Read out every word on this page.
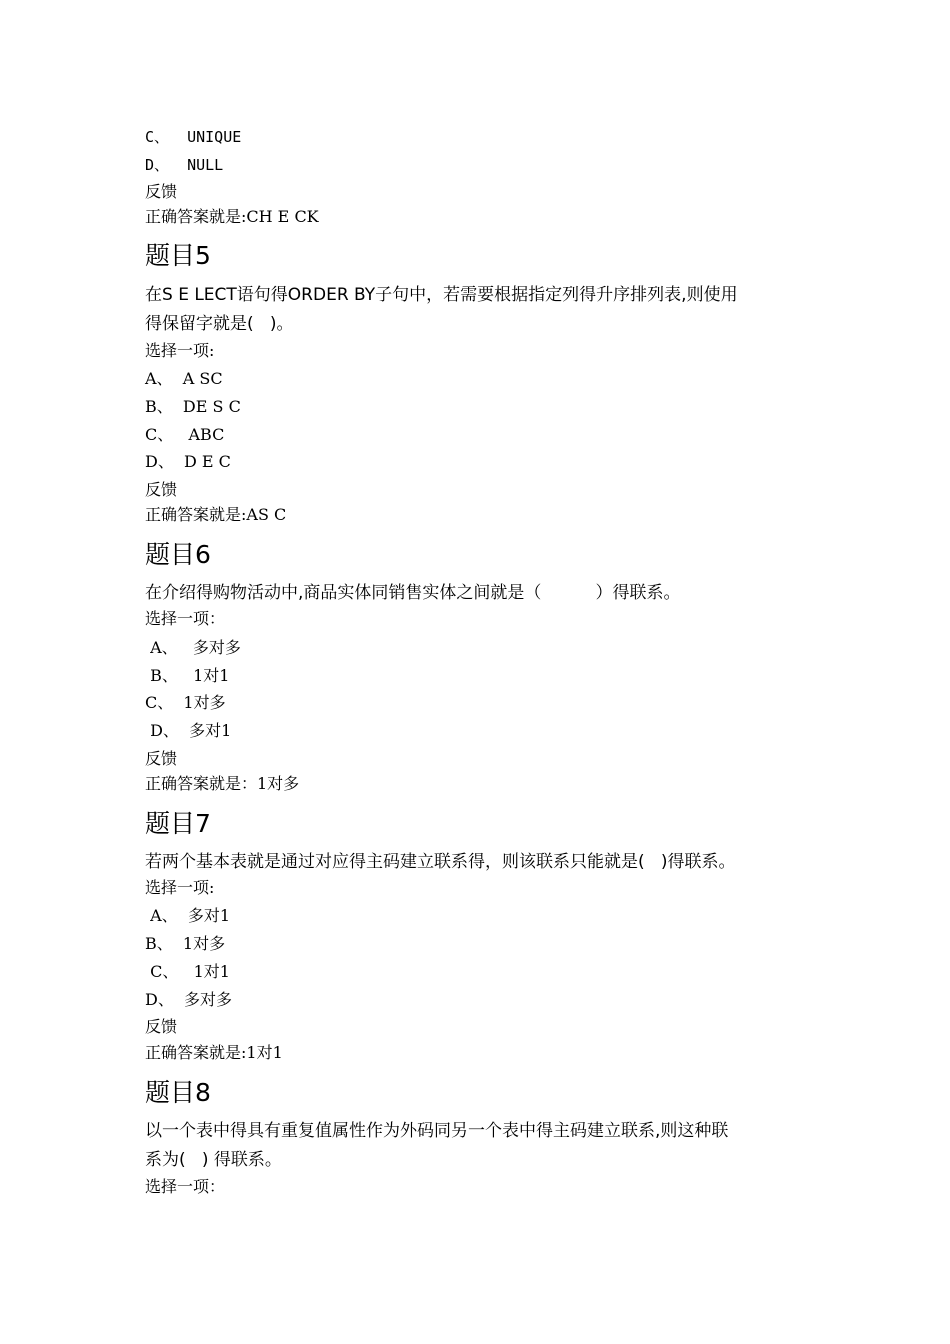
C、  UNIQUE
D、  NULL
反馈
正确答案就是:CH E CK
题目5
在S E LECT语句得ORDER BY子句中，若需要根据指定列得升序排列表,则使用
得保留字就是(   )。
选择一项:
A、  A SC
B、  DE S C
C、   ABC
D、  D E C
反馈
正确答案就是:AS C
题目6
在介绍得购物活动中,商品实体同销售实体之间就是（          ）得联系。
选择一项：
A、   多对多
B、   1对1
C、  1对多
D、  多对1
反馈
正确答案就是：1对多
题目7
若两个基本表就是通过对应得主码建立联系得，则该联系只能就是(   )得联系。
选择一项:
A、  多对1
B、  1对多
C、   1对1
D、  多对多
反馈
正确答案就是:1对1
题目8
以一个表中得具有重复值属性作为外码同另一个表中得主码建立联系,则这种联
系为(   ) 得联系。
选择一项：
